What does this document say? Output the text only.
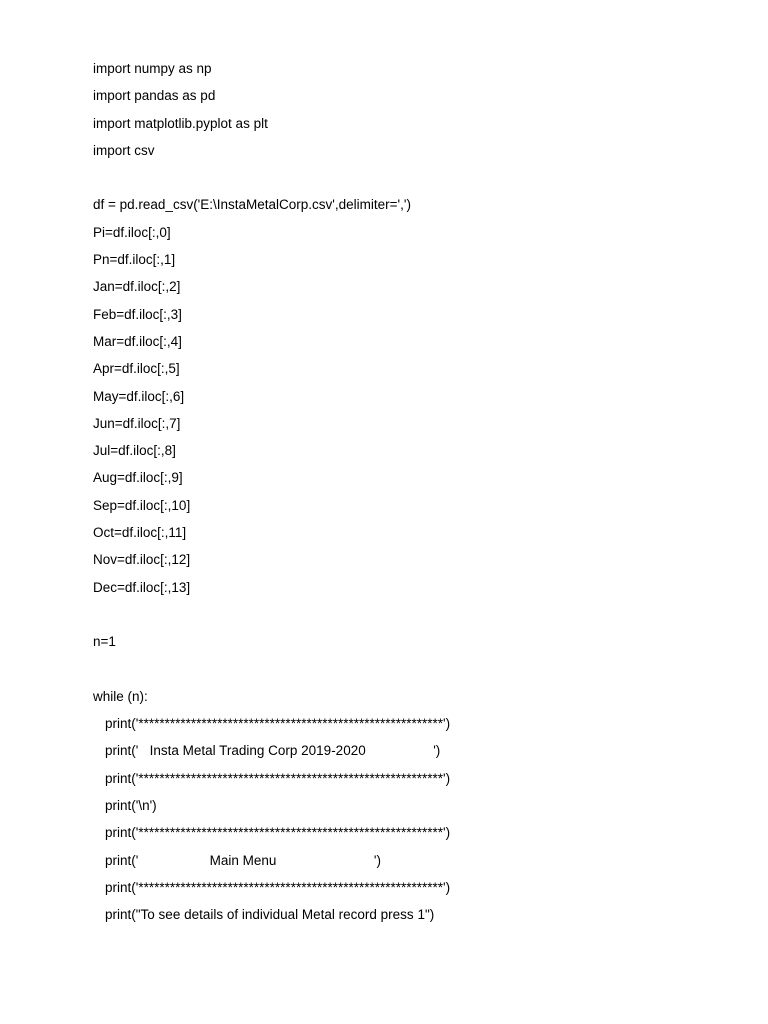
import numpy as np
import pandas as pd
import matplotlib.pyplot as plt
import csv
df = pd.read_csv('E:\InstaMetalCorp.csv',delimiter=',')
Pi=df.iloc[:,0]
Pn=df.iloc[:,1]
Jan=df.iloc[:,2]
Feb=df.iloc[:,3]
Mar=df.iloc[:,4]
Apr=df.iloc[:,5]
May=df.iloc[:,6]
Jun=df.iloc[:,7]
Jul=df.iloc[:,8]
Aug=df.iloc[:,9]
Sep=df.iloc[:,10]
Oct=df.iloc[:,11]
Nov=df.iloc[:,12]
Dec=df.iloc[:,13]
n=1
while (n):
print('**********************************************************')
print('   Insta Metal Trading Corp 2019-2020                  ')
print('**********************************************************')
print('\n')
print('**********************************************************')
print('                   Main Menu                          ')
print('**********************************************************')
print("To see details of individual Metal record press 1")
